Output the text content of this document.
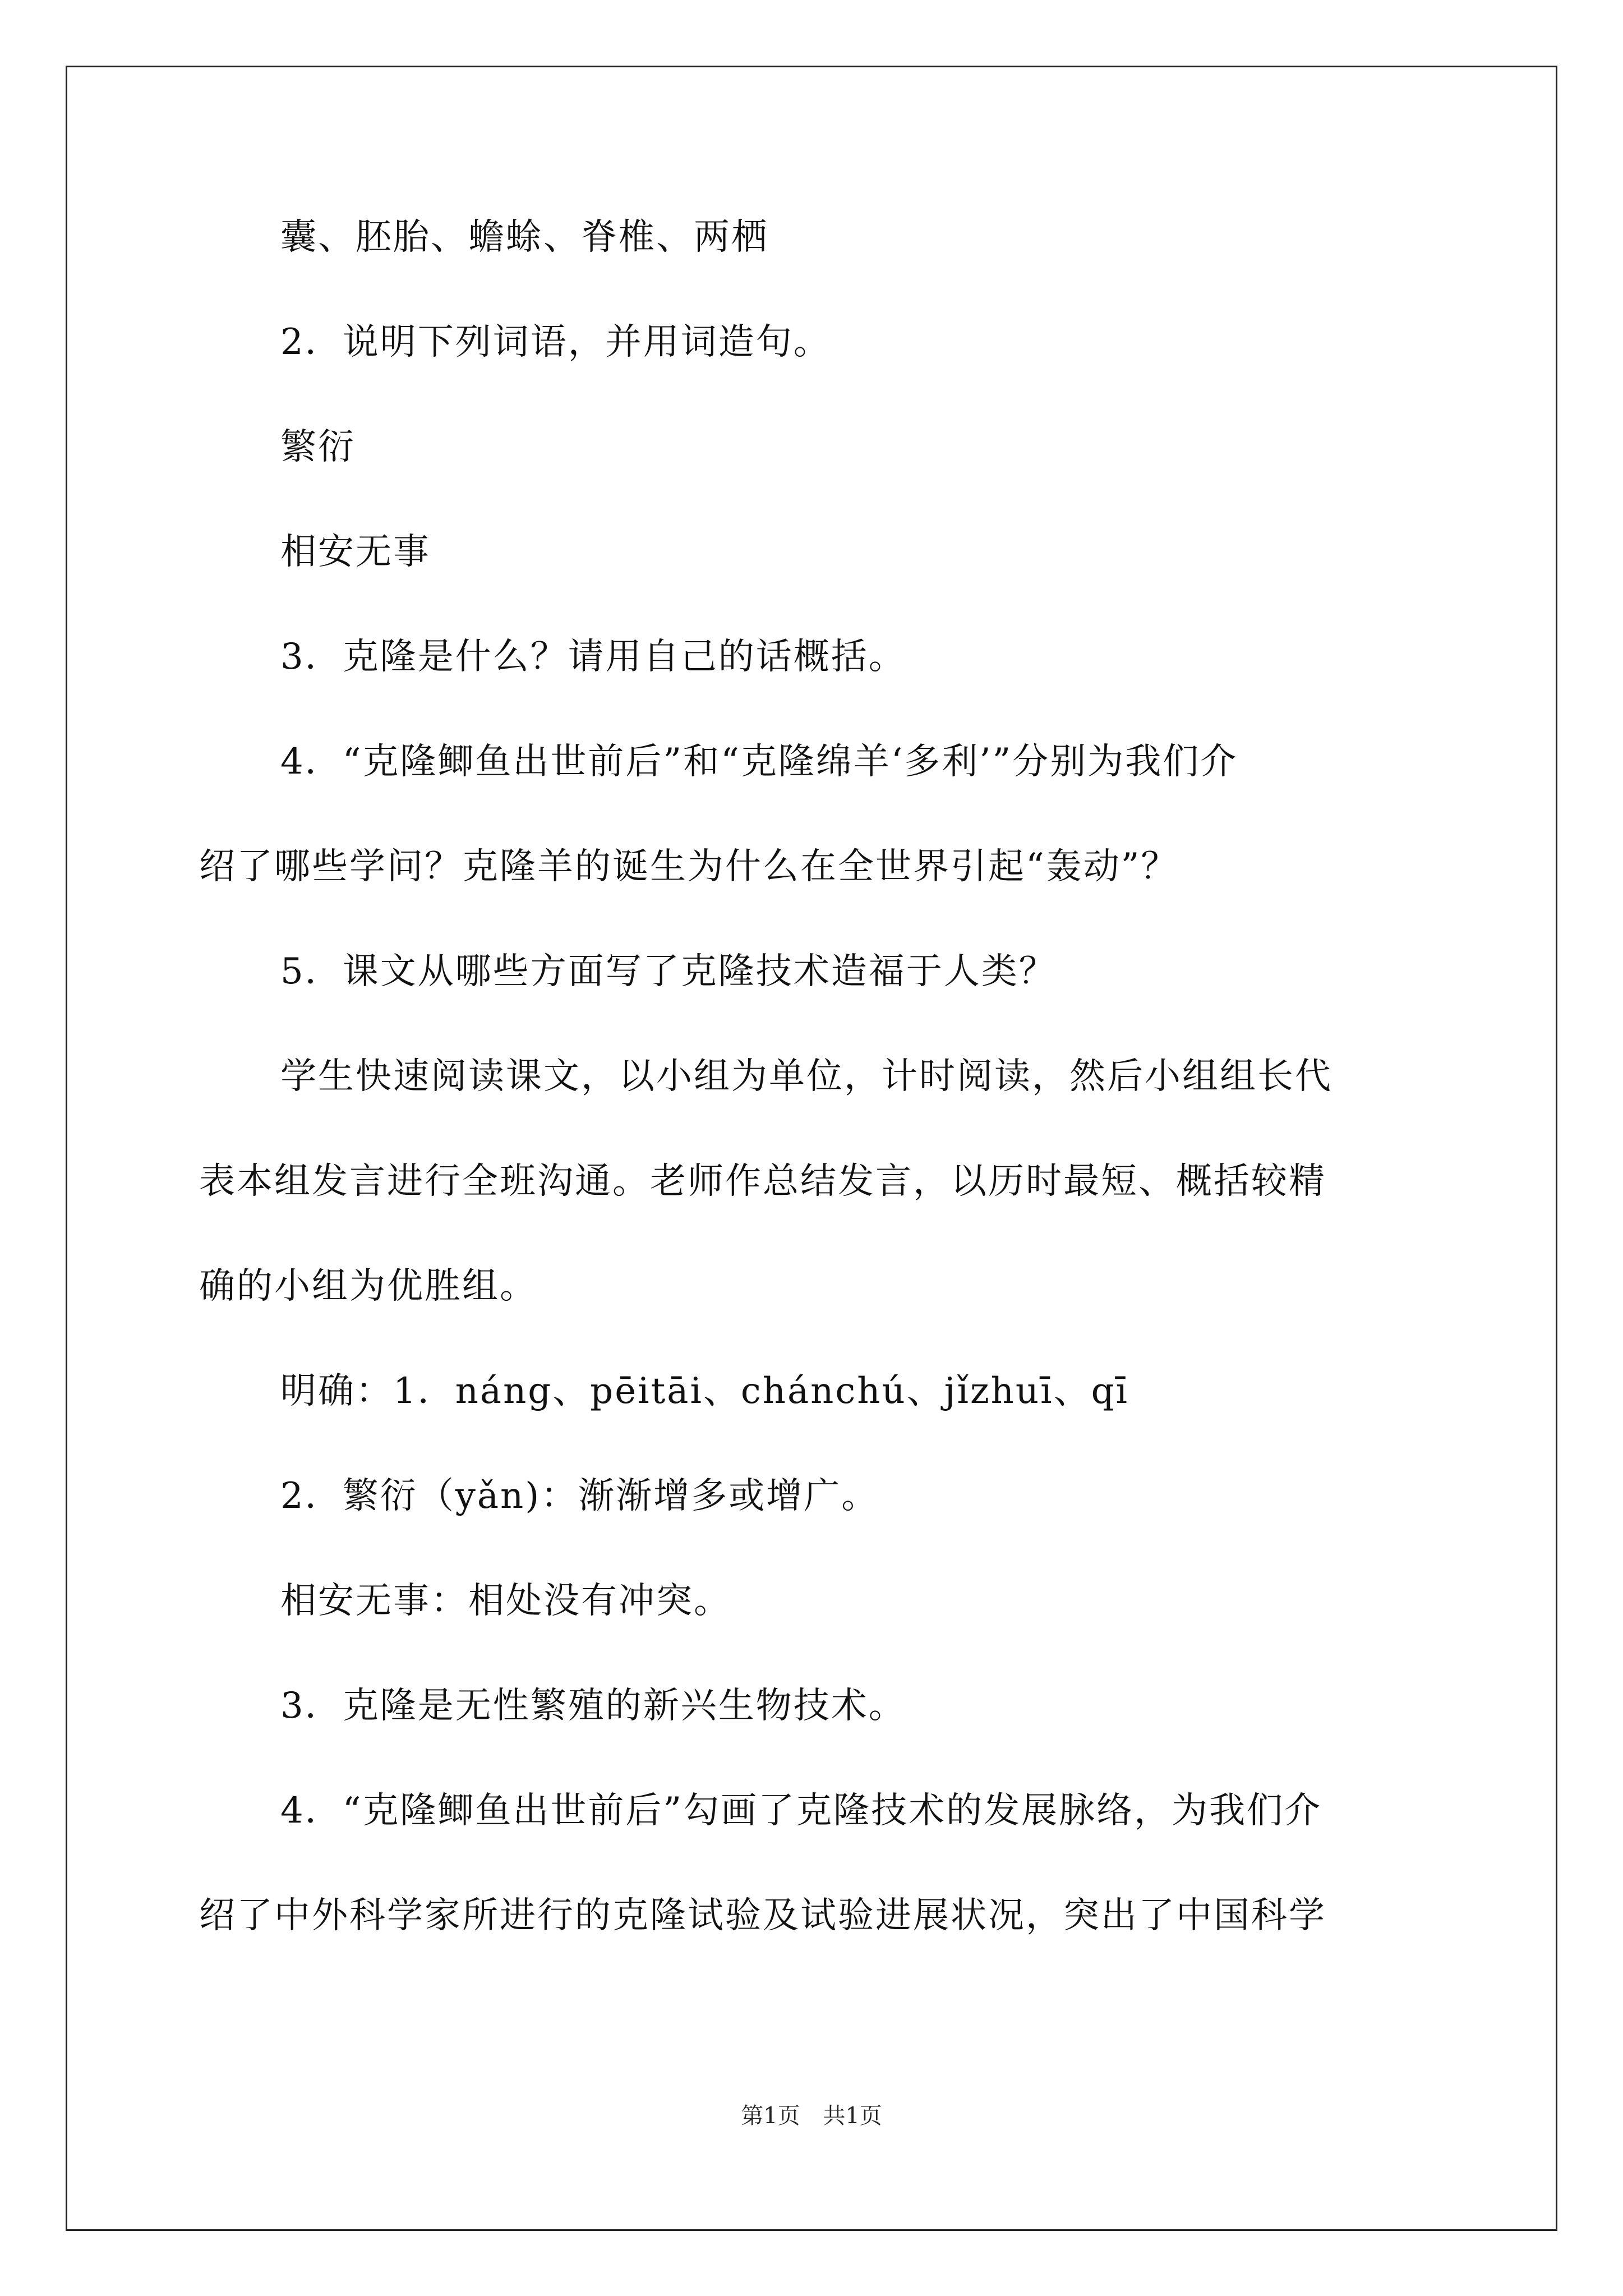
囊、胚胎、蟾蜍、脊椎、两栖
2．说明下列词语，并用词造句。
繁衍
相安无事
3．克隆是什么？请用自己的话概括。
4．“克隆鲫鱼出世前后”和“克隆绵羊‘多利’”分别为我们介
绍了哪些学问？克隆羊的诞生为什么在全世界引起“轰动”？
5．课文从哪些方面写了克隆技术造福于人类？
学生快速阅读课文，以小组为单位，计时阅读，然后小组组长代
表本组发言进行全班沟通。老师作总结发言，以历时最短、概括较精
确的小组为优胜组。
明确：1．náng、pēitāi、chánchú、jǐzhuī、qī
2．繁衍（yǎn)：渐渐增多或增广。
相安无事：相处没有冲突。
3．克隆是无性繁殖的新兴生物技术。
4．“克隆鲫鱼出世前后”勾画了克隆技术的发展脉络，为我们介
绍了中外科学家所进行的克隆试验及试验进展状况，突出了中国科学
第1页 共1页
